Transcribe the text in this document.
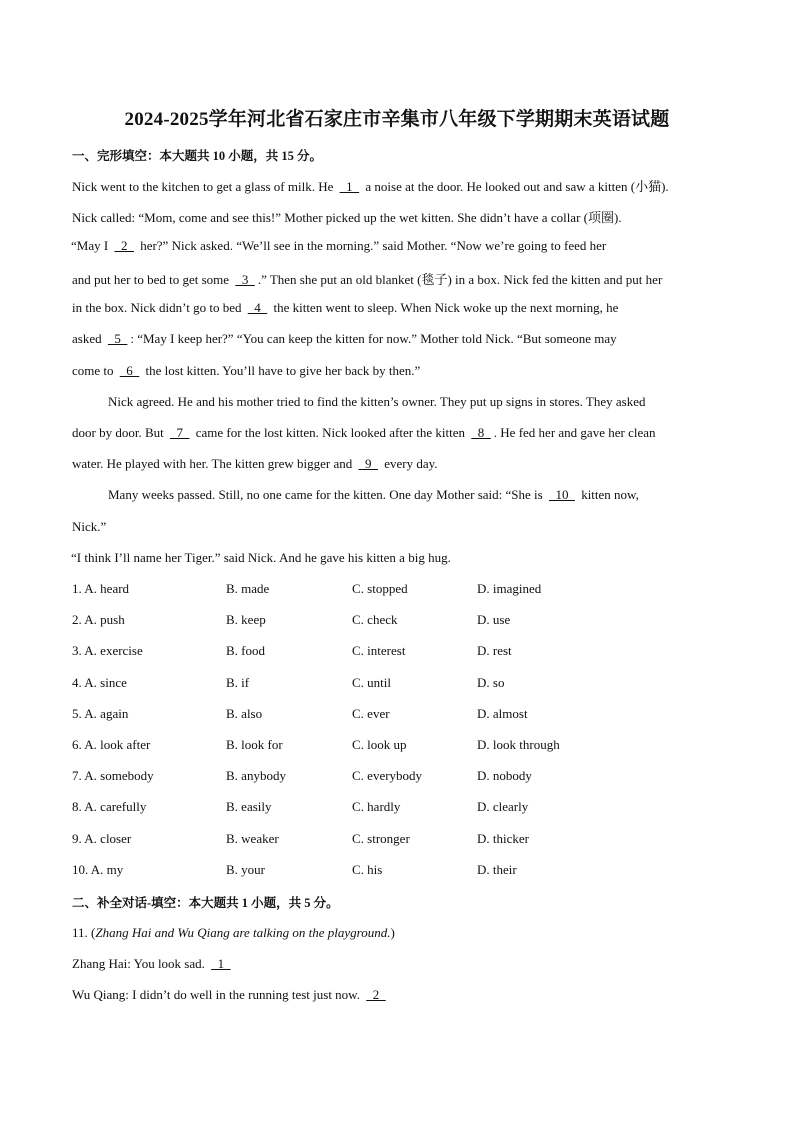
2024-2025学年河北省石家庄市辛集市八年级下学期期末英语试题
一、完形填空：本大题共 10 小题，共 15 分。
Nick went to the kitchen to get a glass of milk. He   1   a noise at the door. He looked out and saw a kitten (小猫).
Nick called: “Mom, come and see this!” Mother picked up the wet kitten. She didn’t have a collar (项圈).
“May I   2   her?” Nick asked. “We’ll see in the morning.” said Mother. “Now we’re going to feed her
and put her to bed to get some   3  .” Then she put an old blanket (毯子) in a box. Nick fed the kitten and put her
in the box. Nick didn’t go to bed   4   the kitten went to sleep. When Nick woke up the next morning, he
asked   5  : “May I keep her?” “You can keep the kitten for now.” Mother told Nick. “But someone may
come to   6   the lost kitten. You’ll have to give her back by then.”
Nick agreed. He and his mother tried to find the kitten’s owner. They put up signs in stores. They asked
door by door. But   7   came for the lost kitten. Nick looked after the kitten   8  . He fed her and gave her clean
water. He played with her. The kitten grew bigger and   9   every day.
Many weeks passed. Still, no one came for the kitten. One day Mother said: “She is   10   kitten now,
Nick.”
“I think I’ll name her Tiger.” said Nick. And he gave his kitten a big hug.
1. A. heard	B. made	C. stopped	D. imagined
2. A. push	B. keep	C. check	D. use
3. A. exercise	B. food	C. interest	D. rest
4. A. since	B. if	C. until	D. so
5. A. again	B. also	C. ever	D. almost
6. A. look after	B. look for	C. look up	D. look through
7. A. somebody	B. anybody	C. everybody	D. nobody
8. A. carefully	B. easily	C. hardly	D. clearly
9. A. closer	B. weaker	C. stronger	D. thicker
10. A. my	B. your	C. his	D. their
二、补全对话-填空：本大题共 1 小题，共 5 分。
11. (Zhang Hai and Wu Qiang are talking on the playground.)
Zhang Hai: You look sad.   1
Wu Qiang: I didn’t do well in the running test just now.   2
